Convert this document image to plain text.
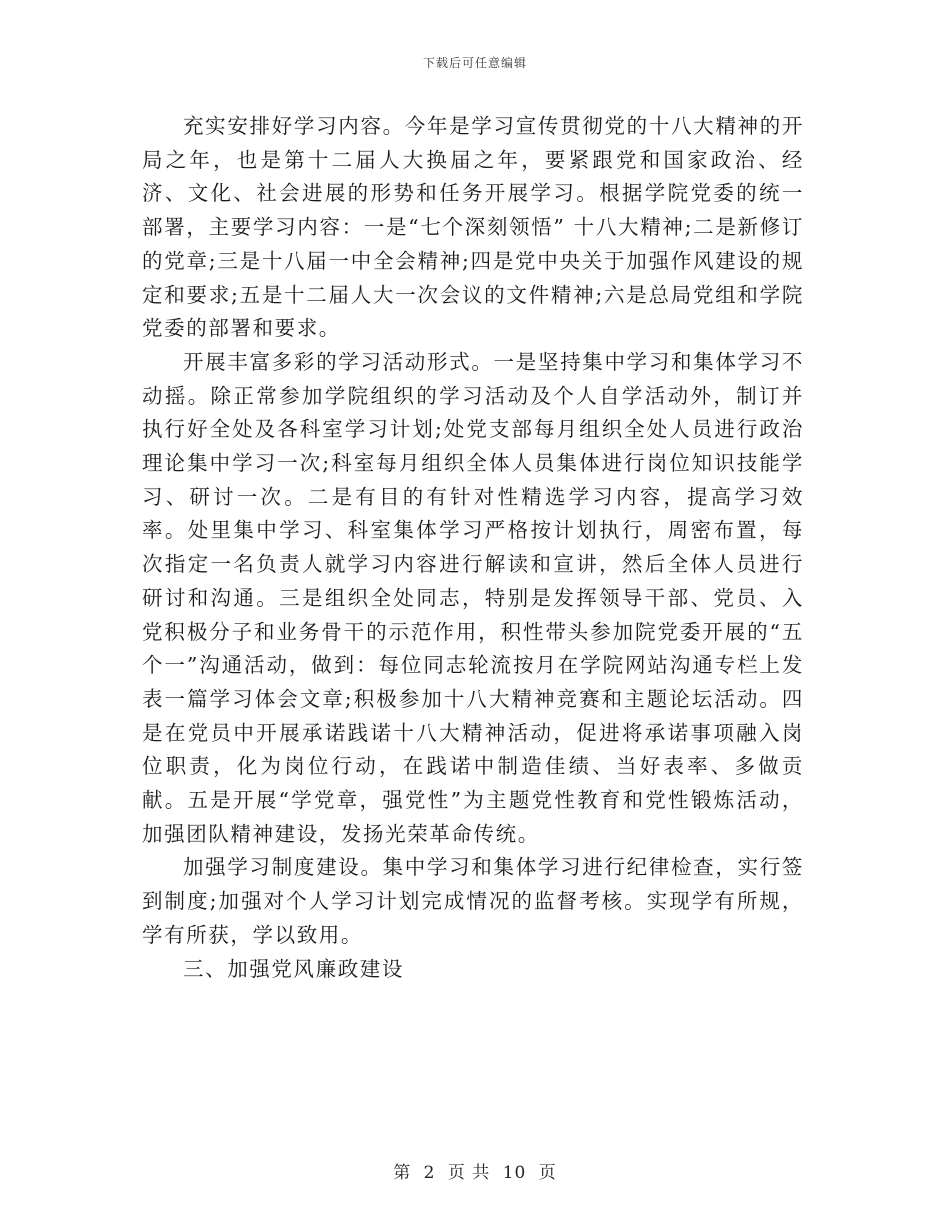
下载后可任意编辑

充实安排好学习内容。今年是学习宣传贯彻党的十八大精神的开局之年，也是第十二届人大换届之年，要紧跟党和国家政治、经济、文化、社会进展的形势和任务开展学习。根据学院党委的统一部署，主要学习内容：一是“七个深刻领悟” 十八大精神;二是新修订的党章;三是十八届一中全会精神;四是党中央关于加强作风建设的规定和要求;五是十二届人大一次会议的文件精神;六是总局党组和学院党委的部署和要求。

开展丰富多彩的学习活动形式。一是坚持集中学习和集体学习不动摇。除正常参加学院组织的学习活动及个人自学活动外，制订并执行好全处及各科室学习计划;处党支部每月组织全处人员进行政治理论集中学习一次;科室每月组织全体人员集体进行岗位知识技能学习、研讨一次。二是有目的有针对性精选学习内容，提高学习效率。处里集中学习、科室集体学习严格按计划执行，周密布置，每次指定一名负责人就学习内容进行解读和宣讲，然后全体人员进行研讨和沟通。三是组织全处同志，特别是发挥领导干部、党员、入党积极分子和业务骨干的示范作用，积性带头参加院党委开展的“五个一”沟通活动，做到：每位同志轮流按月在学院网站沟通专栏上发表一篇学习体会文章;积极参加十八大精神竞赛和主题论坛活动。四是在党员中开展承诺践诺十八大精神活动，促进将承诺事项融入岗位职责，化为岗位行动，在践诺中制造佳绩、当好表率、多做贡献。五是开展“学党章，强党性”为主题党性教育和党性锻炼活动，加强团队精神建设，发扬光荣革命传统。

加强学习制度建设。集中学习和集体学习进行纪律检查，实行签到制度;加强对个人学习计划完成情况的监督考核。实现学有所规，学有所获，学以致用。

三、加强党风廉政建设

第 2 页 共 10 页
